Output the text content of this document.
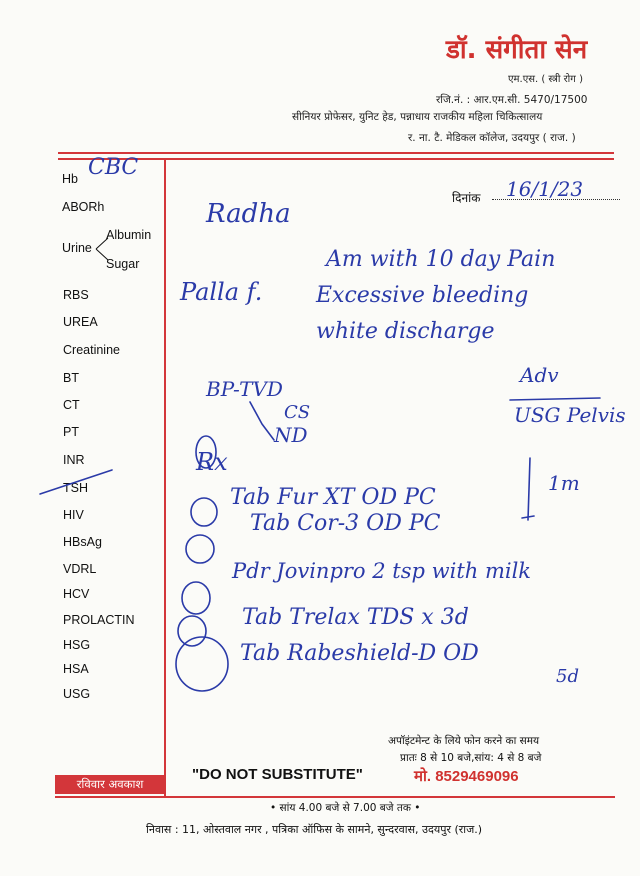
डॉ. संगीता सेन
एम.एस. ( स्त्री रोग )
रजि.नं. : आर.एम.सी. 5470/17500
सीनियर प्रोफेसर, युनिट हेड, पन्नाधाय राजकीय महिला चिकित्सालय
र. ना. टै. मेडिकल कॉलेज, उदयपुर ( राज. )
Hb
ABORh
Urine
Albumin
Sugar
RBS
UREA
Creatinine
BT
CT
PT
INR
TSH
HIV
HBsAg
VDRL
HCV
PROLACTIN
HSG
HSA
USG
दिनांक
CBC
16/1/23
Radha
Palla f.
Am with 10 day Pain
Excessive bleeding
white discharge
BP-TVD
CS
ND
Adv
USG Pelvis
Rx
Tab Fur XT OD PC
Tab Cor-3 OD PC
Pdr Jovinpro 2 tsp with milk
Tab Trelax TDS x 3d
Tab Rabeshield-D OD
1m
5d
अपॉइंटमेन्ट के लिये फोन करने का समय
प्रातः 8 से 10 बजे,सांय: 4 से 8 बजे
रविवार अवकाश
"DO NOT SUBSTITUTE"	मो. 8529469096
• सांय 4.00 बजे से 7.00 बजे तक •
निवास : 11, ओस्तवाल नगर , पत्रिका ऑफिस के सामने, सुन्दरवास, उदयपुर (राज.)
